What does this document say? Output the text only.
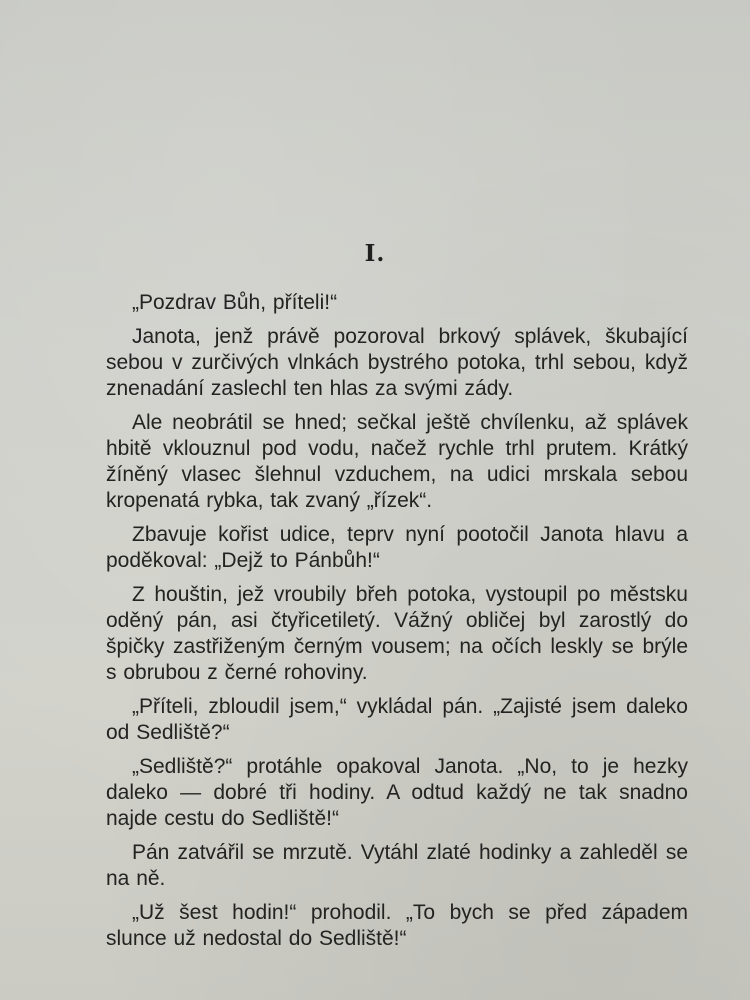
I.

„Pozdrav Bůh, příteli!“

Janota, jenž právě pozoroval brkový splávek, škubající sebou v zurčivých vlnkách bystrého potoka, trhl sebou, když znenadání zaslechl ten hlas za svými zády.

Ale neobrátil se hned; sečkal ještě chvílenku, až splávek hbitě vklouznul pod vodu, načež rychle trhl prutem. Krátký žíněný vlasec šlehnul vzduchem, na udici mrskala sebou kropenatá rybka, tak zvaný „řízek“.

Zbavuje kořist udice, teprv nyní pootočil Janota hlavu a poděkoval: „Dejž to Pánbůh!“

Z houštin, jež vroubily břeh potoka, vystoupil po městsku oděný pán, asi čtyřicetiletý. Vážný obličej byl zarostlý do špičky zastřiženým černým vousem; na očích leskly se brýle s obrubou z černé rohoviny.

„Příteli, zbloudil jsem,“ vykládal pán. „Zajisté jsem daleko od Sedliště?“

„Sedliště?“ protáhle opakoval Janota. „No, to je hezky daleko — dobré tři hodiny. A odtud každý ne tak snadno najde cestu do Sedliště!“

Pán zatvářil se mrzutě. Vytáhl zlaté hodinky a zahleděl se na ně.

„Už šest hodin!“ prohodil. „To bych se před západem slunce už nedostal do Sedliště!“
